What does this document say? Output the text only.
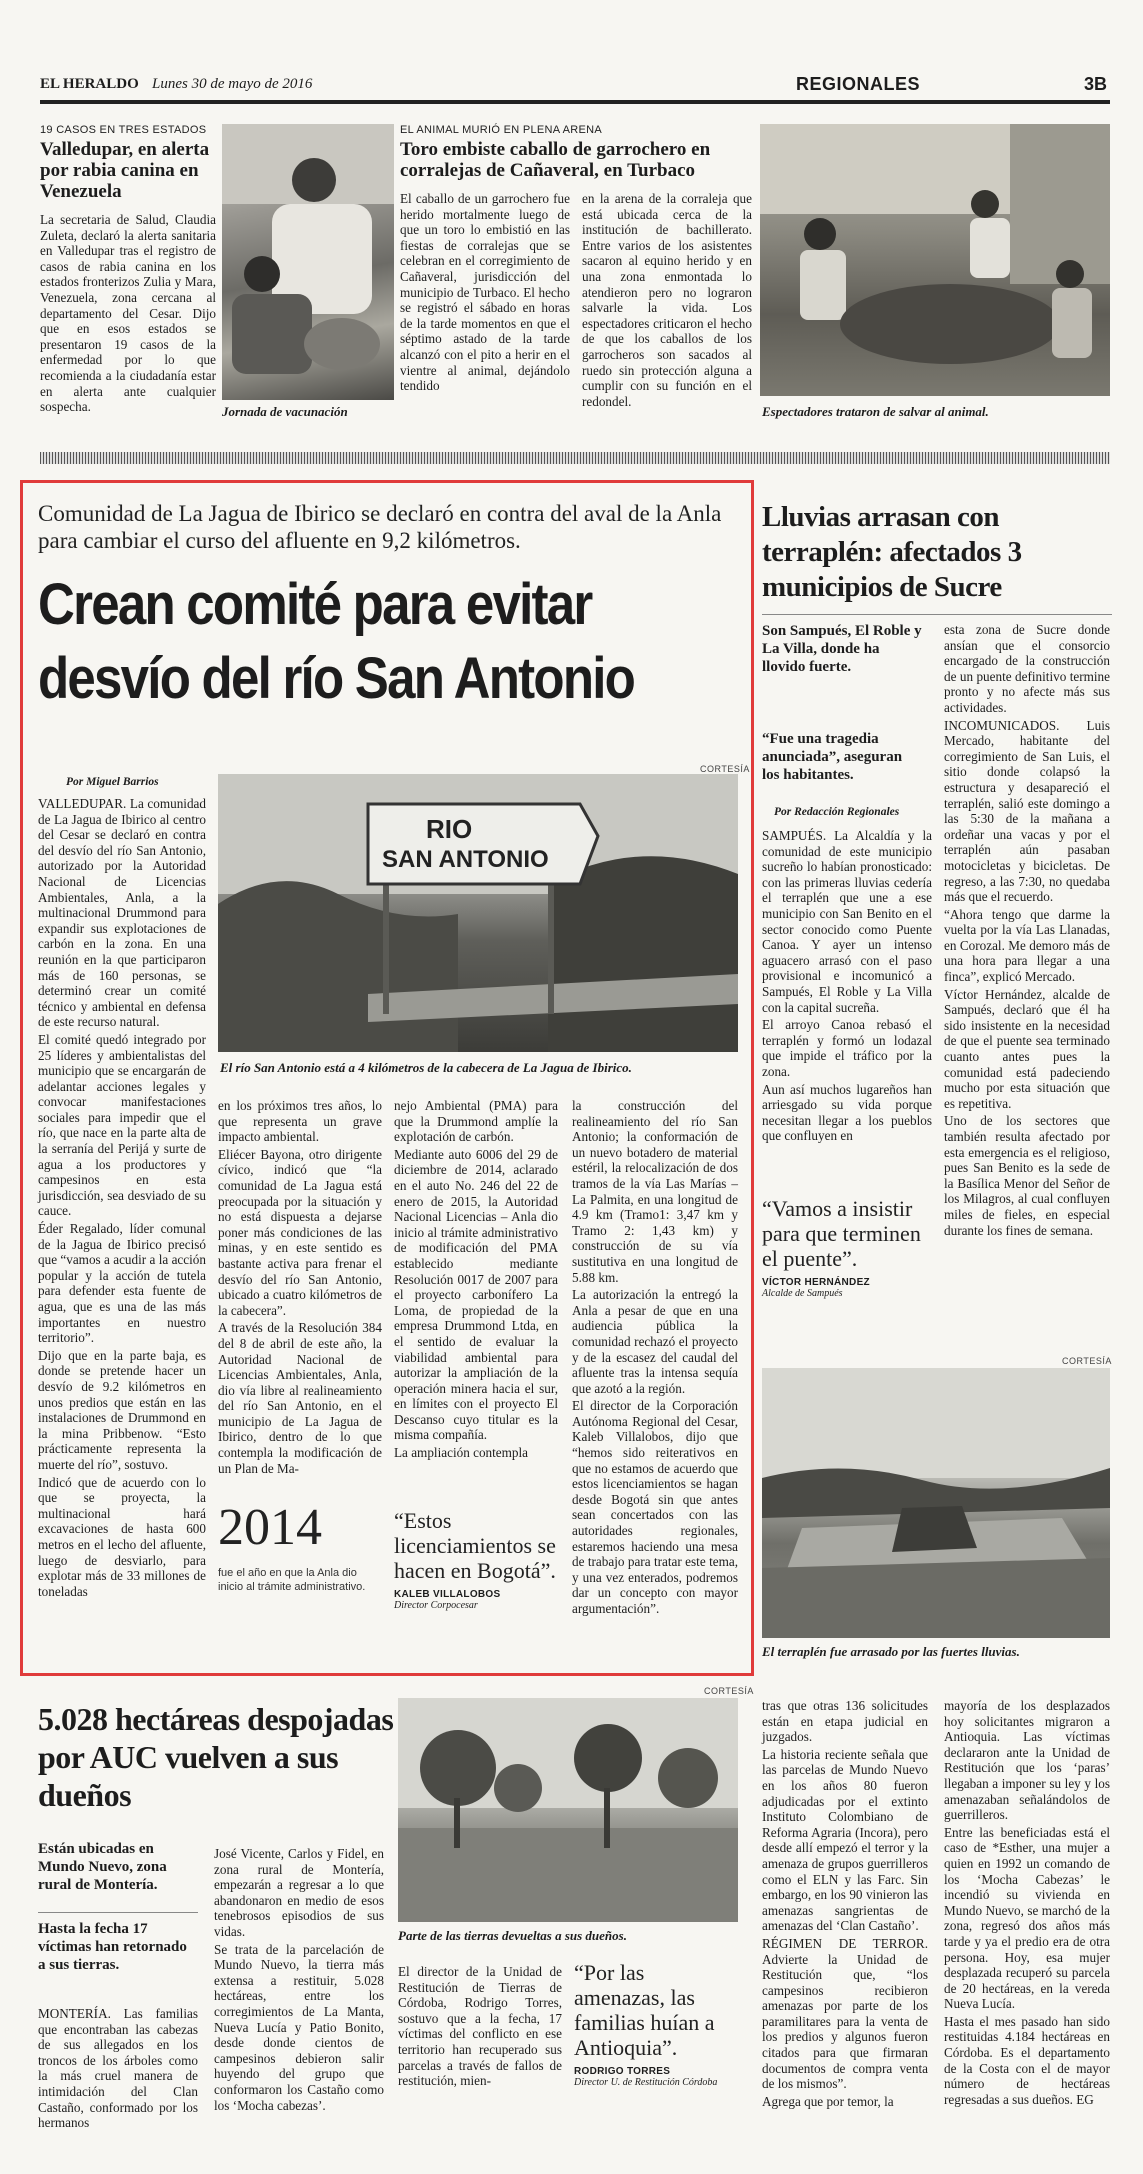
EL HERALDO Lunes 30 de mayo de 2016	REGIONALES	3B
19 CASOS EN TRES ESTADOS
Valledupar, en alerta por rabia canina en Venezuela

La secretaria de Salud, Claudia Zuleta, declaró la alerta sanitaria en Valledupar tras el registro de casos de rabia canina en los estados fronterizos Zulia y Mara, Venezuela, zona cercana al departamento del Cesar. Dijo que en esos estados se presentaron 19 casos de la enfermedad por lo que recomienda a la ciudadanía estar en alerta ante cualquier sospecha.	Jornada de vacunación
EL ANIMAL MURIÓ EN PLENA ARENA
Toro embiste caballo de garrochero en corralejas de Cañaveral, en Turbaco

El caballo de un garrochero fue herido mortalmente luego de que un toro lo embistió en las fiestas de corralejas que se celebran en el corregimiento de Cañaveral, jurisdicción del municipio de Turbaco. El hecho se registró el sábado en horas de la tarde momentos en que el séptimo astado de la tarde alcanzó con el pito a herir en el vientre al animal, dejándolo tendido

en la arena de la corraleja que está ubicada cerca de la institución de bachillerato. Entre varios de los asistentes sacaron al equino herido y en una zona enmontada lo atendieron pero no lograron salvarle la vida. Los espectadores criticaron el hecho de que los caballos de los garrocheros son sacados al ruedo sin protección alguna a cumplir con su función en el redondel.

Espectadores trataron de salvar al animal.
Comunidad de La Jagua de Ibirico se declaró en contra del aval de la Anla para cambiar el curso del afluente en 9,2 kilómetros.
Crean comité para evitar
desvío del río San Antonio
Por Miguel Barrios
CORTESÍA
RIO
SAN ANTONIO
El río San Antonio está a 4 kilómetros de la cabecera de La Jagua de Ibirico.

VALLEDUPAR. La comunidad de La Jagua de Ibirico al centro del Cesar se declaró en contra del desvío del río San Antonio, autorizado por la Autoridad Nacional de Licencias Ambientales, Anla, a la multinacional Drummond para expandir sus explotaciones de carbón en la zona. En una reunión en la que participaron más de 160 personas, se determinó crear un comité técnico y ambiental en defensa de este recurso natural.

El comité quedó integrado por 25 líderes y ambientalistas del municipio que se encargarán de adelantar acciones legales y convocar manifestaciones sociales para impedir que el río, que nace en la parte alta de la serranía del Perijá y surte de agua a los productores y campesinos en esta jurisdicción, sea desviado de su cauce.

Éder Regalado, líder comunal de la Jagua de Ibirico precisó que “vamos a acudir a la acción popular y la acción de tutela para defender esta fuente de agua, que es una de las más importantes en nuestro territorio”.

Dijo que en la parte baja, es donde se pretende hacer un desvío de 9.2 kilómetros en unos predios que están en las instalaciones de Drummond en la mina Pribbenow. “Esto prácticamente representa la muerte del río”, sostuvo.

Indicó que de acuerdo con lo que se proyecta, la multinacional hará excavaciones de hasta 600 metros en el lecho del afluente, luego de desviarlo, para explotar más de 33 millones de toneladas

en los próximos tres años, lo que representa un grave impacto ambiental.

Eliécer Bayona, otro dirigente cívico, indicó que “la comunidad de La Jagua está preocupada por la situación y no está dispuesta a dejarse poner más condiciones de las minas, y en este sentido es bastante activa para frenar el desvío del río San Antonio, ubicado a cuatro kilómetros de la cabecera”.

A través de la Resolución 384 del 8 de abril de este año, la Autoridad Nacional de Licencias Ambientales, Anla, dio vía libre al realineamiento del río San Antonio, en el municipio de La Jagua de Ibirico, dentro de lo que contempla la modificación de un Plan de Ma-

nejo Ambiental (PMA) para que la Drummond amplíe la explotación de carbón.

Mediante auto 6006 del 29 de diciembre de 2014, aclarado en el auto No. 246 del 22 de enero de 2015, la Autoridad Nacional Licencias – Anla dio inicio al trámite administrativo de modificación del PMA establecido mediante Resolución 0017 de 2007 para el proyecto carbonífero La Loma, de propiedad de la empresa Drummond Ltda, en el sentido de evaluar la viabilidad ambiental para autorizar la ampliación de la operación minera hacia el sur, en límites con el proyecto El Descanso cuyo titular es la misma compañía.

La ampliación contempla

la construcción del realineamiento del río San Antonio; la conformación de un nuevo botadero de material estéril, la relocalización de dos tramos de la vía Las Marías – La Palmita, en una longitud de 4.9 km (Tramo1: 3,47 km y Tramo 2: 1,43 km) y construcción de su vía sustitutiva en una longitud de 5.88 km.

La autorización la entregó la Anla a pesar de que en una audiencia pública la comunidad rechazó el proyecto y de la escasez del caudal del afluente tras la intensa sequía que azotó a la región.

El director de la Corporación Autónoma Regional del Cesar, Kaleb Villalobos, dijo que “hemos sido reiterativos en que no estamos de acuerdo que estos licenciamientos se hagan desde Bogotá sin que antes sean concertados con las autoridades regionales, estaremos haciendo una mesa de trabajo para tratar este tema, y una vez enterados, podremos dar un concepto con mayor argumentación”.

2014
fue el año en que la Anla dio inicio al trámite administrativo.
“Estos licenciamientos se hacen en Bogotá”.
KALEB VILLALOBOS
Director Corpocesar
Lluvias arrasan con terraplén: afectados 3 municipios de Sucre
Son Sampués, El Roble y La Villa, donde ha llovido fuerte.
“Fue una tragedia anunciada”, aseguran los habitantes.
Por Redacción Regionales

SAMPUÉS. La Alcaldía y la comunidad de este municipio sucreño lo habían pronosticado: con las primeras lluvias cedería el terraplén que une a ese municipio con San Benito en el sector conocido como Puente Canoa. Y ayer un intenso aguacero arrasó con el paso provisional e incomunicó a Sampués, El Roble y La Villa con la capital sucreña.

El arroyo Canoa rebasó el terraplén y formó un lodazal que impide el tráfico por la zona.

Aun así muchos lugareños han arriesgado su vida porque necesitan llegar a los pueblos que confluyen en

esta zona de Sucre donde ansían que el consorcio encargado de la construcción de un puente definitivo termine pronto y no afecte más sus actividades.

INCOMUNICADOS. Luis Mercado, habitante del corregimiento de San Luis, el sitio donde colapsó la estructura y desapareció el terraplén, salió este domingo a las 5:30 de la mañana a ordeñar una vacas y por el terraplén aún pasaban motocicletas y bicicletas. De regreso, a las 7:30, no quedaba más que el recuerdo.

“Ahora tengo que darme la vuelta por la vía Las Llanadas, en Corozal. Me demoro más de una hora para llegar a una finca”, explicó Mercado.

Víctor Hernández, alcalde de Sampués, declaró que él ha sido insistente en la necesidad de que el puente sea terminado cuanto antes pues la comunidad está padeciendo mucho por esta situación que es repetitiva.

Uno de los sectores que también resulta afectado por esta emergencia es el religioso, pues San Benito es la sede de la Basílica Menor del Señor de los Milagros, al cual confluyen miles de fieles, en especial durante los fines de semana.

“Vamos a insistir para que terminen el puente”.
VÍCTOR HERNÁNDEZ
Alcalde de Sampués
CORTESÍA
El terraplén fue arrasado por las fuertes lluvias.
5.028 hectáreas despojadas por AUC vuelven a sus dueños
Están ubicadas en Mundo Nuevo, zona rural de Montería.
Hasta la fecha 17 víctimas han retornado a sus tierras.

MONTERÍA. Las familias que encontraban las cabezas de sus allegados en los troncos de los árboles como la más cruel manera de intimidación del Clan Castaño, conformado por los hermanos

José Vicente, Carlos y Fidel, en zona rural de Montería, empezarán a regresar a lo que abandonaron en medio de esos tenebrosos episodios de sus vidas.

Se trata de la parcelación de Mundo Nuevo, la tierra más extensa a restituir, 5.028 hectáreas, entre los corregimientos de La Manta, Nueva Lucía y Patio Bonito, desde donde cientos de campesinos debieron salir huyendo del grupo que conformaron los Castaño como los ‘Mocha cabezas’.

CORTESÍA
Parte de las tierras devueltas a sus dueños.

El director de la Unidad de Restitución de Tierras de Córdoba, Rodrigo Torres, sostuvo que a la fecha, 17 víctimas del conflicto en ese territorio han recuperado sus parcelas a través de fallos de restitución, mien-

“Por las amenazas, las familias huían a Antioquia”.
RODRIGO TORRES
Director U. de Restitución Córdoba

tras que otras 136 solicitudes están en etapa judicial en juzgados.

La historia reciente señala que las parcelas de Mundo Nuevo en los años 80 fueron adjudicadas por el extinto Instituto Colombiano de Reforma Agraria (Incora), pero desde allí empezó el terror y la amenaza de grupos guerrilleros como el ELN y las Farc. Sin embargo, en los 90 vinieron las amenazas sangrientas de amenazas del ‘Clan Castaño’.

RÉGIMEN DE TERROR. Advierte la Unidad de Restitución que, “los campesinos recibieron amenazas por parte de los paramilitares para la venta de los predios y algunos fueron citados para que firmaran documentos de compra venta de los mismos”.

Agrega que por temor, la

mayoría de los desplazados hoy solicitantes migraron a Antioquia. Las víctimas declararon ante la Unidad de Restitución que los ‘paras’ llegaban a imponer su ley y los amenazaban señalándolos de guerrilleros.

Entre las beneficiadas está el caso de *Esther, una mujer a quien en 1992 un comando de los ‘Mocha Cabezas’ le incendió su vivienda en Mundo Nuevo, se marchó de la zona, regresó dos años más tarde y ya el predio era de otra persona. Hoy, esa mujer desplazada recuperó su parcela de 20 hectáreas, en la vereda Nueva Lucía.

Hasta el mes pasado han sido restituidas 4.184 hectáreas en Córdoba. Es el departamento de la Costa con el de mayor número de hectáreas regresadas a sus dueños. EG
